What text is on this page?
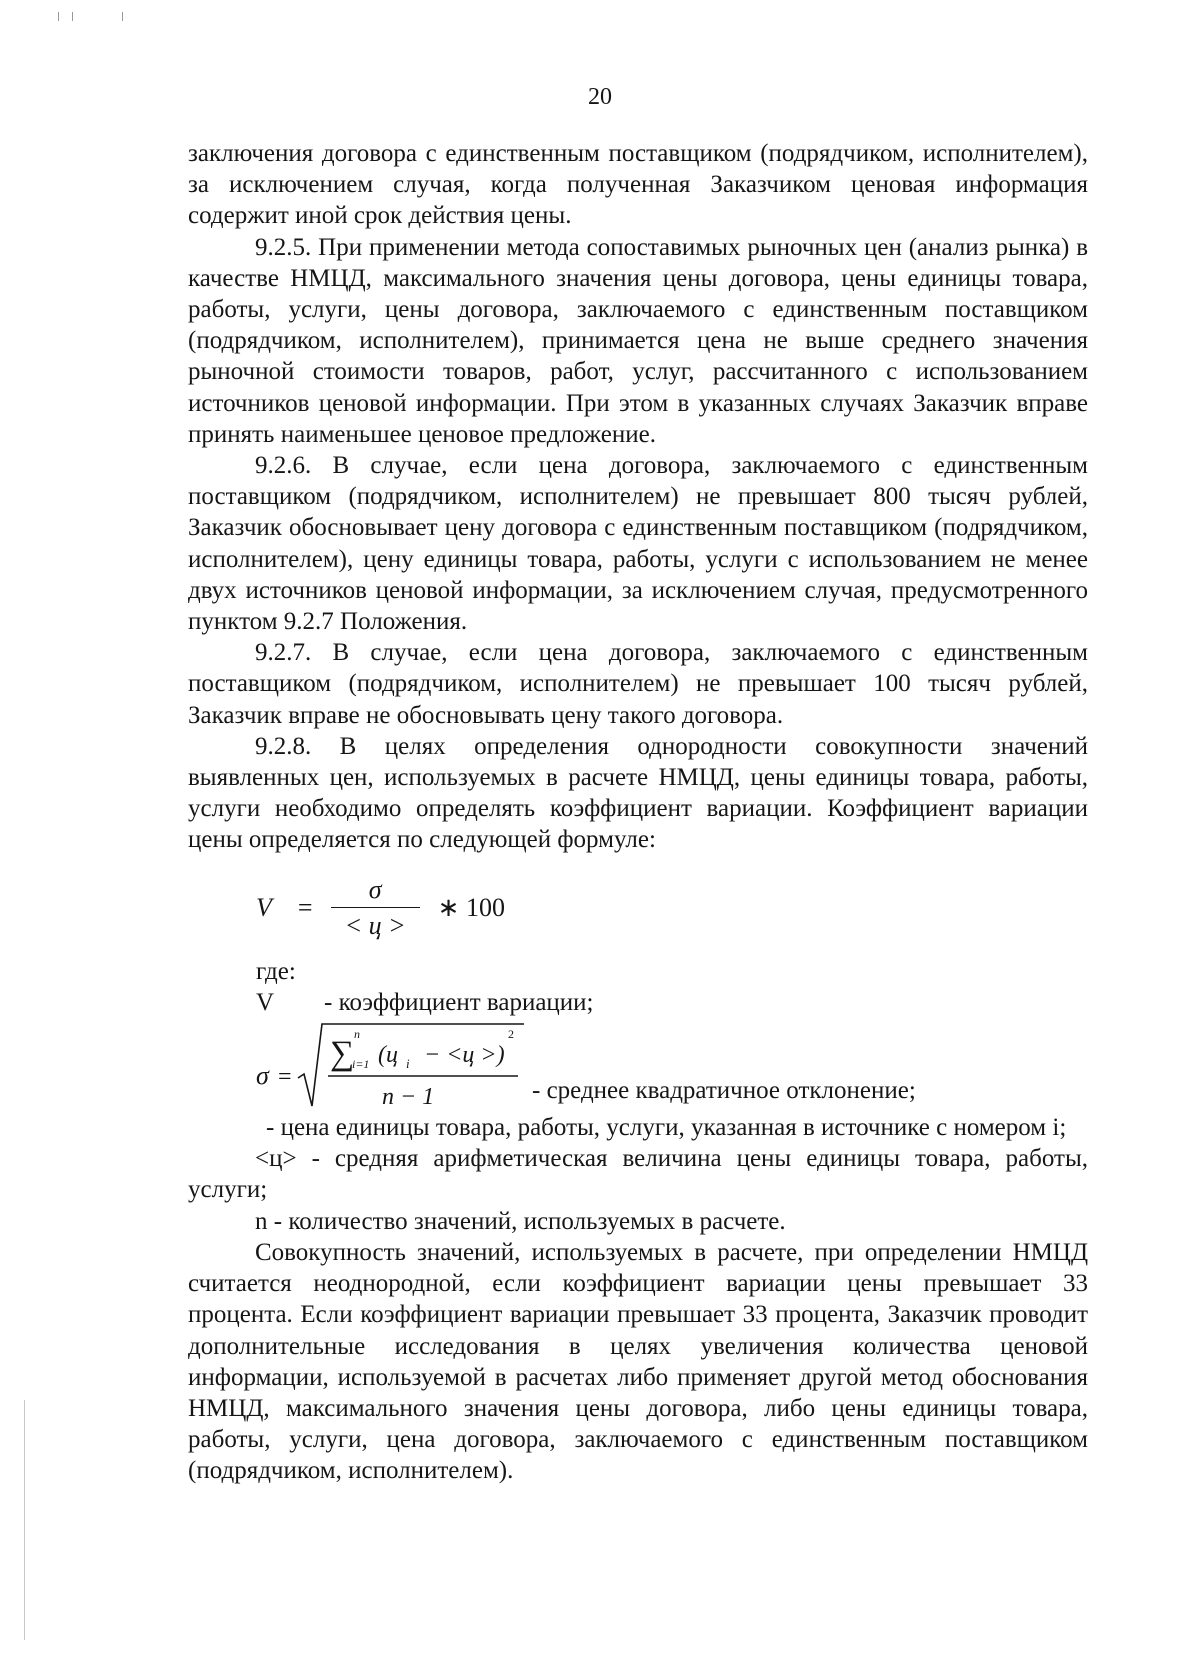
20

заключения договора с единственным поставщиком (подрядчиком, исполнителем), за исключением случая, когда полученная Заказчиком ценовая информация содержит иной срок действия цены.

9.2.5. При применении метода сопоставимых рыночных цен (анализ рынка) в качестве НМЦД, максимального значения цены договора, цены единицы товара, работы, услуги, цены договора, заключаемого с единственным поставщиком (подрядчиком, исполнителем), принимается цена не выше среднего значения рыночной стоимости товаров, работ, услуг, рассчитанного с использованием источников ценовой информации. При этом в указанных случаях Заказчик вправе принять наименьшее ценовое предложение.

9.2.6. В случае, если цена договора, заключаемого с единственным поставщиком (подрядчиком, исполнителем) не превышает 800 тысяч рублей, Заказчик обосновывает цену договора с единственным поставщиком (подрядчиком, исполнителем), цену единицы товара, работы, услуги с использованием не менее двух источников ценовой информации, за исключением случая, предусмотренного пунктом 9.2.7 Положения.

9.2.7. В случае, если цена договора, заключаемого с единственным поставщиком (подрядчиком, исполнителем) не превышает 100 тысяч рублей, Заказчик вправе не обосновывать цену такого договора.

9.2.8. В целях определения однородности совокупности значений выявленных цен, используемых в расчете НМЦД, цены единицы товара, работы, услуги необходимо определять коэффициент вариации. Коэффициент вариации цены определяется по следующей формуле:

$V = \frac{\sigma}{< ц >}$ ∗ 100
где:
V	- коэффициент вариации;
σ =
∑
n
i=1 (ц i − <ц >)
2
n − 1	- среднее квадратичное отклонение;

- цена единицы товара, работы, услуги, указанная в источнике с номером i;

<ц> - средняя арифметическая величина цены единицы товара, работы, услуги;

n - количество значений, используемых в расчете.

Совокупность значений, используемых в расчете, при определении НМЦД считается неоднородной, если коэффициент вариации цены превышает 33 процента. Если коэффициент вариации превышает 33 процента, Заказчик проводит дополнительные исследования в целях увеличения количества ценовой информации, используемой в расчетах либо применяет другой метод обоснования НМЦД, максимального значения цены договора, либо цены единицы товара, работы, услуги, цена договора, заключаемого с единственным поставщиком (подрядчиком, исполнителем).
